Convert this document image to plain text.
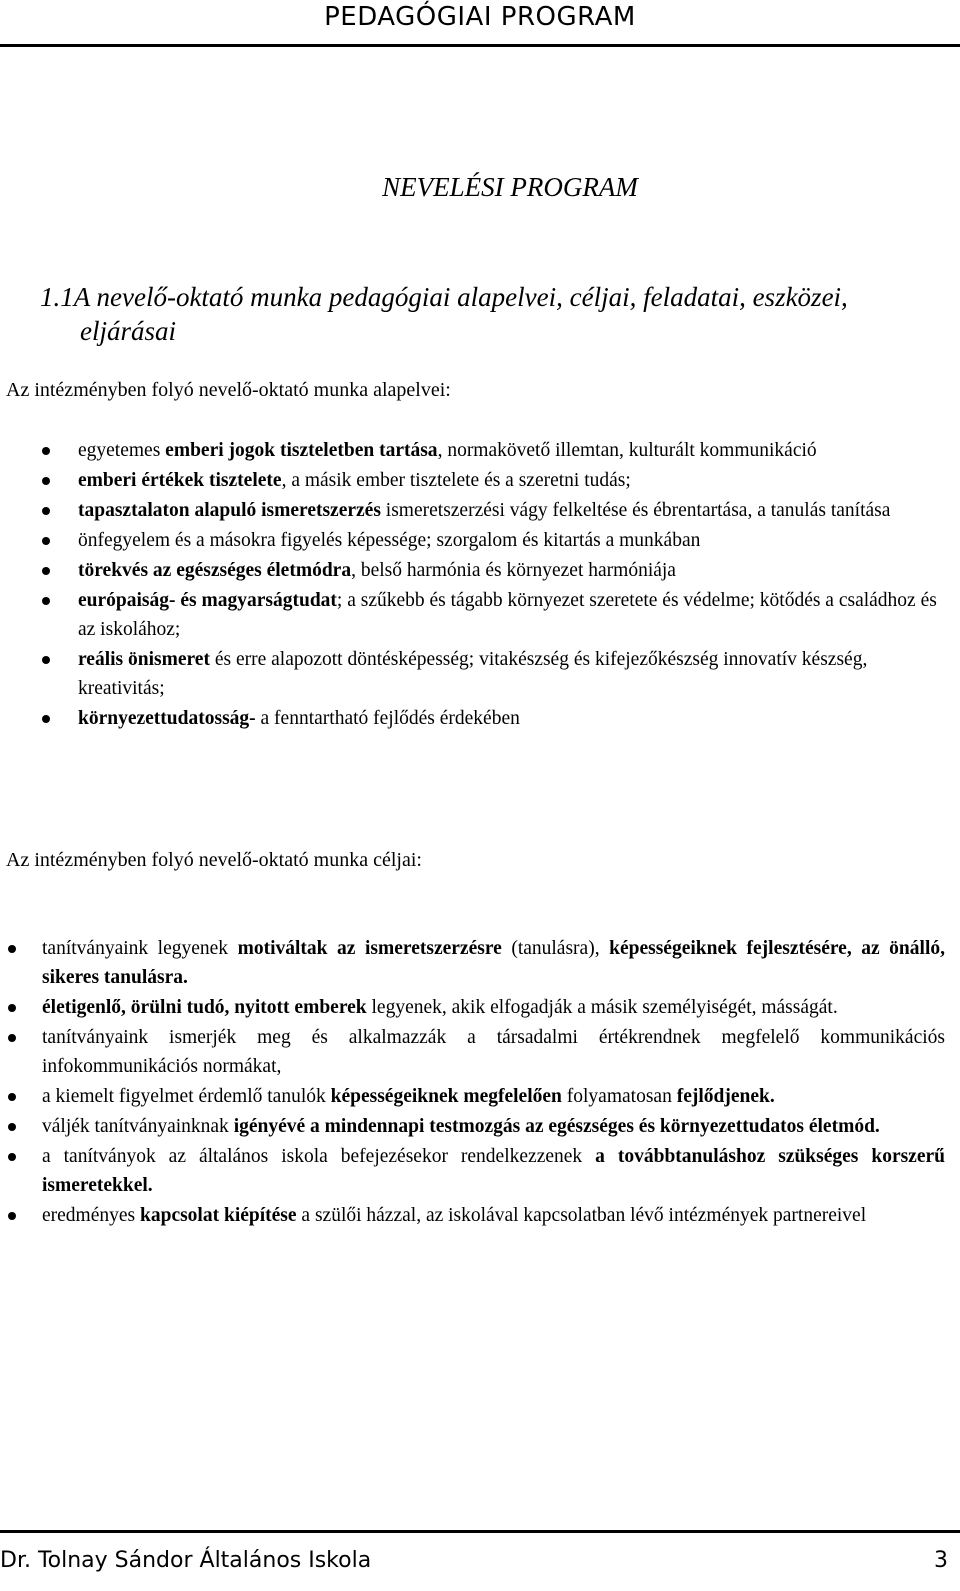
PEDAGÓGIAI PROGRAM
NEVELÉSI PROGRAM
1.1A nevelő-oktató munka pedagógiai alapelvei, céljai, feladatai, eszközei,
eljárásai
Az intézményben folyó nevelő-oktató munka alapelvei:
egyetemes emberi jogok tiszteletben tartása, normakövető illemtan, kulturált kommunikáció
emberi értékek tisztelete, a másik ember tisztelete és a szeretni tudás;
tapasztalaton alapuló ismeretszerzés ismeretszerzési vágy felkeltése és ébrentartása, a tanulás tanítása
önfegyelem és a másokra figyelés képessége; szorgalom és kitartás a munkában
törekvés az egészséges életmódra, belső harmónia és környezet harmóniája
európaiság- és magyarságtudat; a szűkebb és tágabb környezet szeretete és védelme; kötődés a családhoz és az iskolához;
reális önismeret és erre alapozott döntésképesség; vitakészség és kifejezőkészség innovatív készség, kreativitás;
környezettudatosság- a fenntartható fejlődés érdekében
Az intézményben folyó nevelő-oktató munka céljai:
tanítványaink legyenek motiváltak az ismeretszerzésre (tanulásra), képességeiknek fejlesztésére, az önálló, sikeres tanulásra.
életigenlő, örülni tudó, nyitott emberek legyenek, akik elfogadják a másik személyiségét, másságát.
tanítványaink ismerjék meg és alkalmazzák a társadalmi értékrendnek megfelelő kommunikációs infokommunikációs normákat,
a kiemelt figyelmet érdemlő tanulók képességeiknek megfelelően folyamatosan fejlődjenek.
váljék tanítványainknak igényévé a mindennapi testmozgás az egészséges és környezettudatos életmód.
a tanítványok az általános iskola befejezésekor rendelkezzenek a továbbtanuláshoz szükséges korszerű ismeretekkel.
eredményes kapcsolat kiépítése a szülői házzal, az iskolával kapcsolatban lévő intézmények partnereivel
Dr. Tolnay Sándor Általános Iskola	3
